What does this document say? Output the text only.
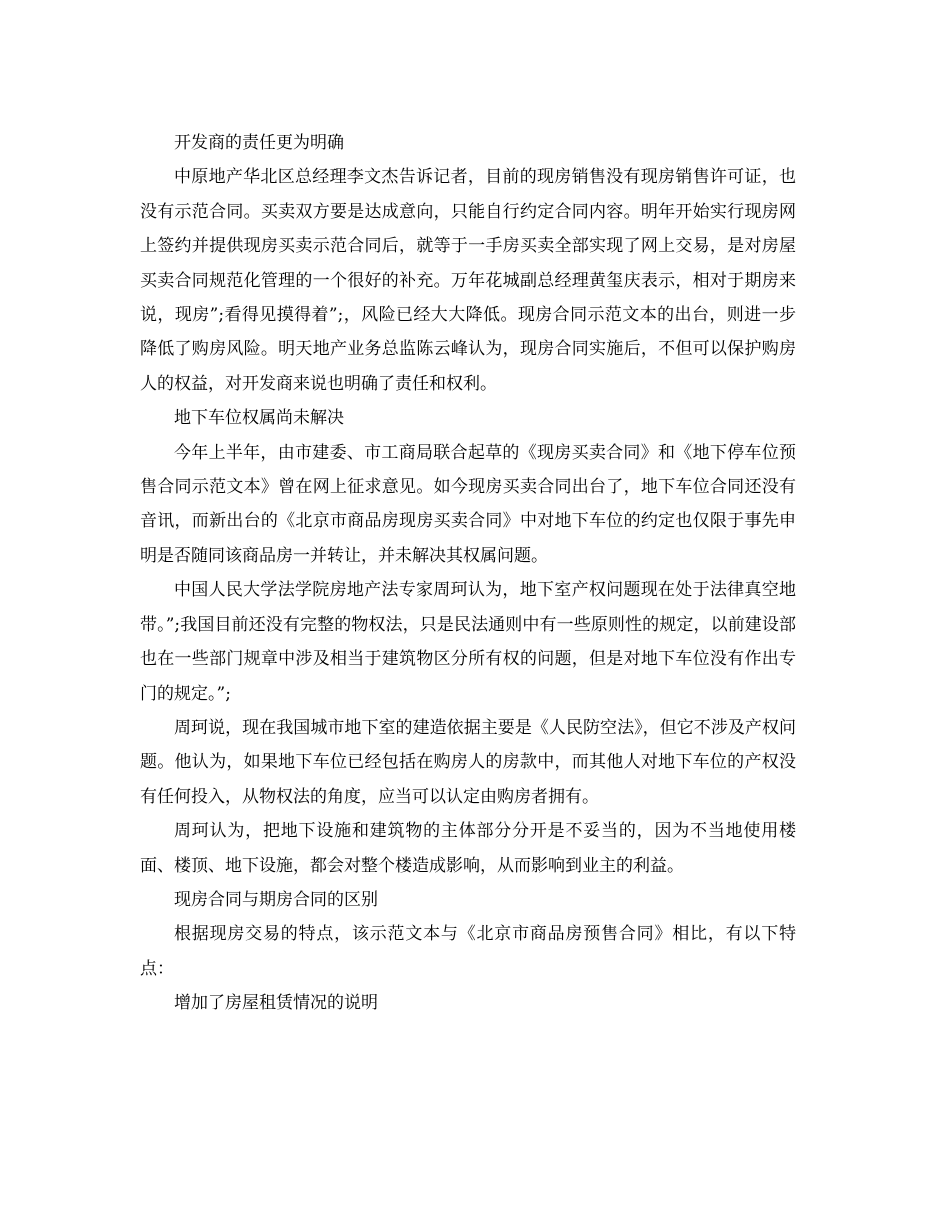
开发商的责任更为明确

中原地产华北区总经理李文杰告诉记者，目前的现房销售没有现房销售许可证，也没有示范合同。买卖双方要是达成意向，只能自行约定合同内容。明年开始实行现房网上签约并提供现房买卖示范合同后，就等于一手房买卖全部实现了网上交易，是对房屋买卖合同规范化管理的一个很好的补充。万年花城副总经理黄玺庆表示，相对于期房来说，现房”;看得见摸得着”;，风险已经大大降低。现房合同示范文本的出台，则进一步降低了购房风险。明天地产业务总监陈云峰认为，现房合同实施后，不但可以保护购房人的权益，对开发商来说也明确了责任和权利。

地下车位权属尚未解决

今年上半年，由市建委、市工商局联合起草的《现房买卖合同》和《地下停车位预售合同示范文本》曾在网上征求意见。如今现房买卖合同出台了，地下车位合同还没有音讯，而新出台的《北京市商品房现房买卖合同》中对地下车位的约定也仅限于事先申明是否随同该商品房一并转让，并未解决其权属问题。

中国人民大学法学院房地产法专家周珂认为，地下室产权问题现在处于法律真空地带。”;我国目前还没有完整的物权法，只是民法通则中有一些原则性的规定，以前建设部也在一些部门规章中涉及相当于建筑物区分所有权的问题，但是对地下车位没有作出专门的规定。”;

周珂说，现在我国城市地下室的建造依据主要是《人民防空法》，但它不涉及产权问题。他认为，如果地下车位已经包括在购房人的房款中，而其他人对地下车位的产权没有任何投入，从物权法的角度，应当可以认定由购房者拥有。

周珂认为，把地下设施和建筑物的主体部分分开是不妥当的，因为不当地使用楼面、楼顶、地下设施，都会对整个楼造成影响，从而影响到业主的利益。

现房合同与期房合同的区别

根据现房交易的特点，该示范文本与《北京市商品房预售合同》相比，有以下特点：

增加了房屋租赁情况的说明
